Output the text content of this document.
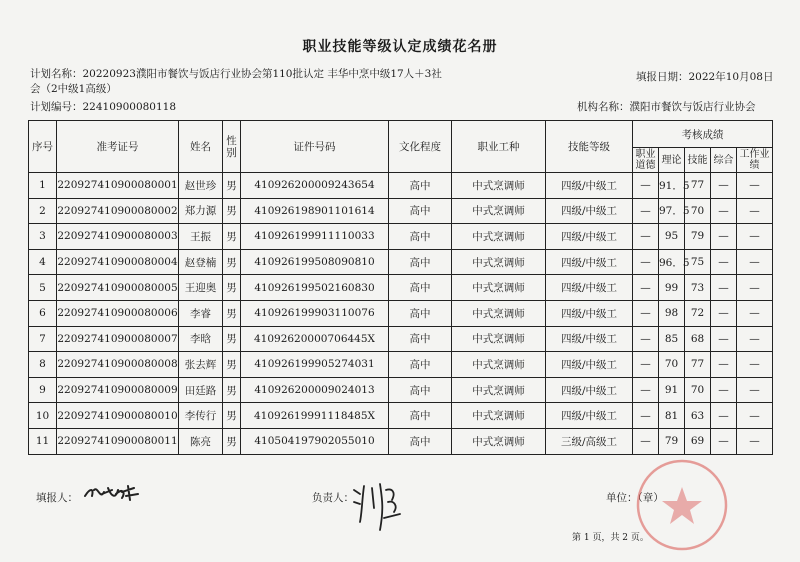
职业技能等级认定成绩花名册
计划名称：20220923濮阳市餐饮与饭店行业协会第110批认定 丰华中烹中级17人＋3社
会（2中级1高级）
填报日期：2022年10月08日
计划编号：22410900080118	机构名称：濮阳市餐饮与饭店行业协会
序号	准考证号	姓名	性别	证件号码	文化程度	职业工种	技能等级	考核成绩				
								职业道德	理论	技能	综合	工作业绩
1	220927410900080001	赵世珍	男	410926200009243654	高中	中式烹调师	四级/中级工	—	91．5	77	—	—
2	220927410900080002	郑力源	男	410926198901101614	高中	中式烹调师	四级/中级工	—	97．5	70	—	—
3	220927410900080003	王振	男	410926199911110033	高中	中式烹调师	四级/中级工	—	95	79	—	—
4	220927410900080004	赵登楠	男	410926199508090810	高中	中式烹调师	四级/中级工	—	96．5	75	—	—
5	220927410900080005	王迎奥	男	410926199502160830	高中	中式烹调师	四级/中级工	—	99	73	—	—
6	220927410900080006	李睿	男	410926199903110076	高中	中式烹调师	四级/中级工	—	98	72	—	—
7	220927410900080007	李晗	男	41092620000706445X	高中	中式烹调师	四级/中级工	—	85	68	—	—
8	220927410900080008	张去辉	男	410926199905274031	高中	中式烹调师	四级/中级工	—	70	77	—	—
9	220927410900080009	田廷路	男	410926200009024013	高中	中式烹调师	四级/中级工	—	91	70	—	—
10	220927410900080010	李传行	男	41092619991118485X	高中	中式烹调师	四级/中级工	—	81	63	—	—
11	220927410900080011	陈亮	男	410504197902055010	高中	中式烹调师	三级/高级工	—	79	69	—	—
填报人：	负责人：	单位：（章）
第 1 页，共 2 页。
